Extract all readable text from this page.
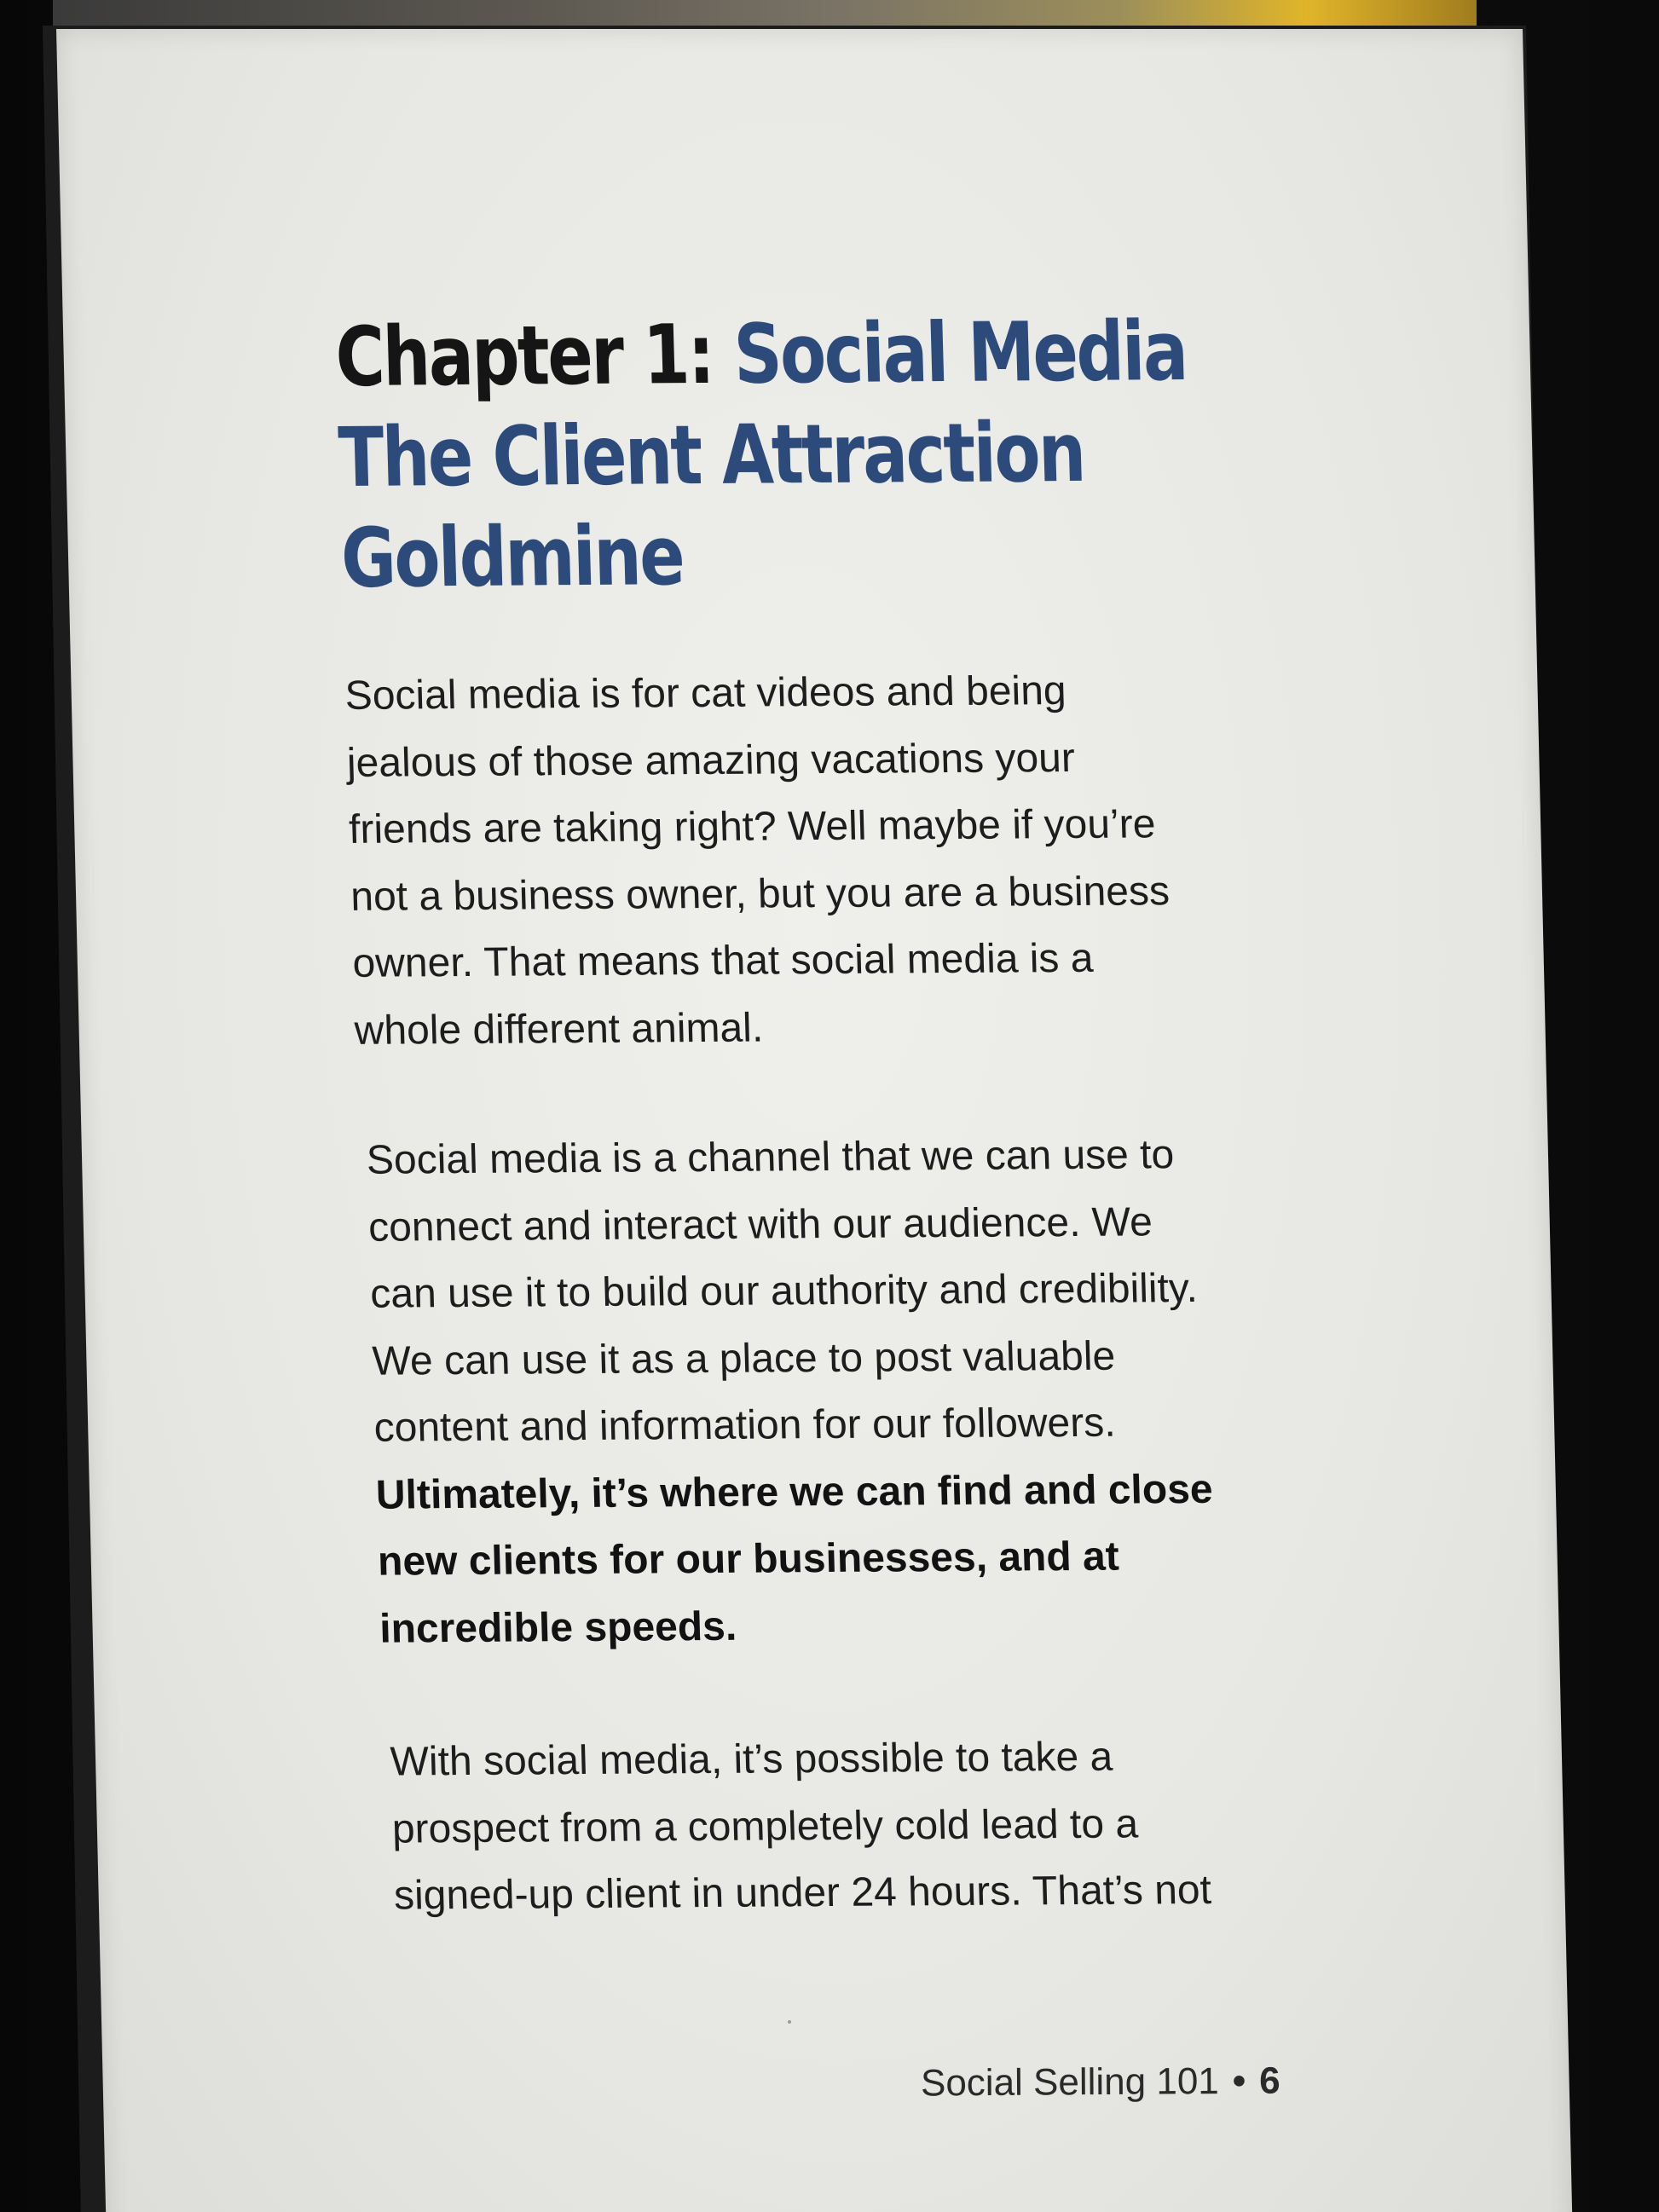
Chapter 1: Social Media
The Client Attraction
Goldmine

Social media is for cat videos and being
jealous of those amazing vacations your
friends are taking right? Well maybe if you’re
not a business owner, but you are a business
owner. That means that social media is a
whole different animal.

Social media is a channel that we can use to
connect and interact with our audience. We
can use it to build our authority and credibility.
We can use it as a place to post valuable
content and information for our followers.
Ultimately, it’s where we can find and close
new clients for our businesses, and at
incredible speeds.

With social media, it’s possible to take a
prospect from a completely cold lead to a
signed-up client in under 24 hours. That’s not

Social Selling 101 • 6
